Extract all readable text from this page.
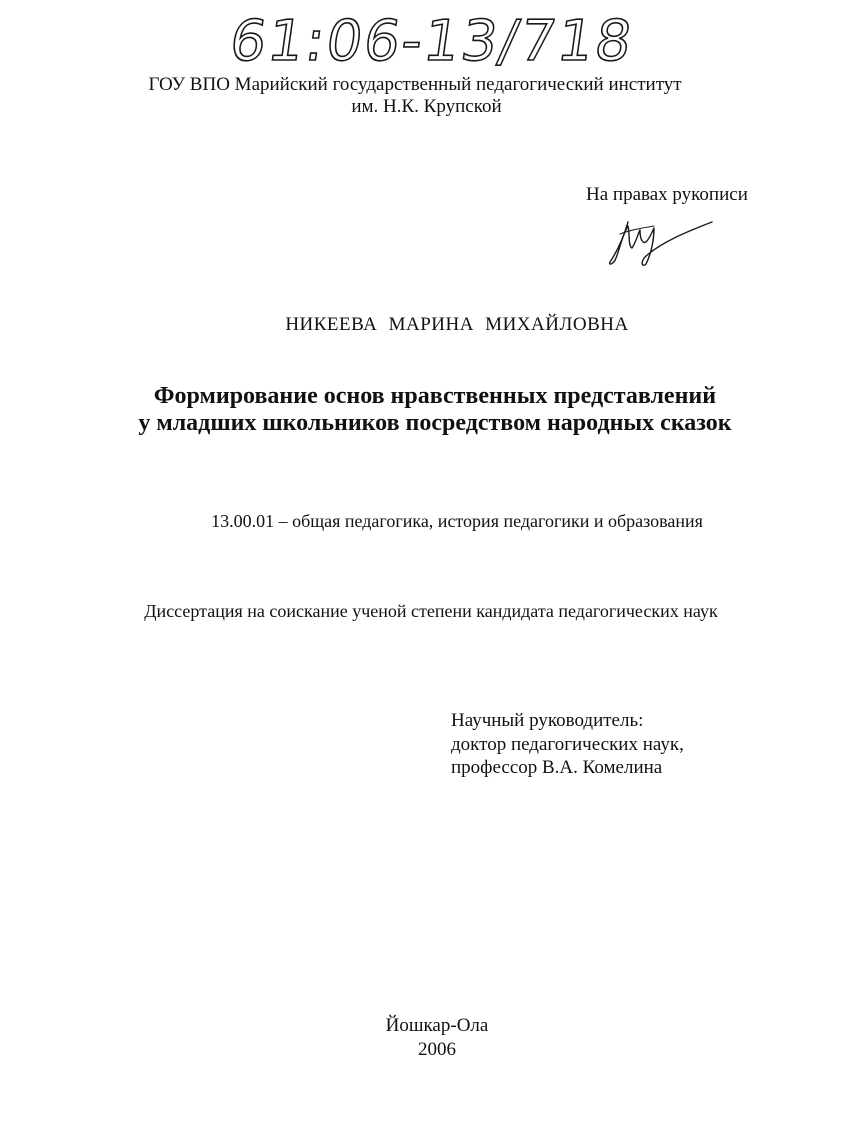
61:06-13/718
ГОУ ВПО Марийский государственный педагогический институт
им. Н.К. Крупской
На правах рукописи
НИКЕЕВА МАРИНА МИХАЙЛОВНА
Формирование основ нравственных представлений
у младших школьников посредством народных сказок
13.00.01 – общая педагогика, история педагогики и образования
Диссертация на соискание ученой степени кандидата педагогических наук
Научный руководитель:
доктор педагогических наук,
профессор В.А. Комелина
Йошкар-Ола
2006
